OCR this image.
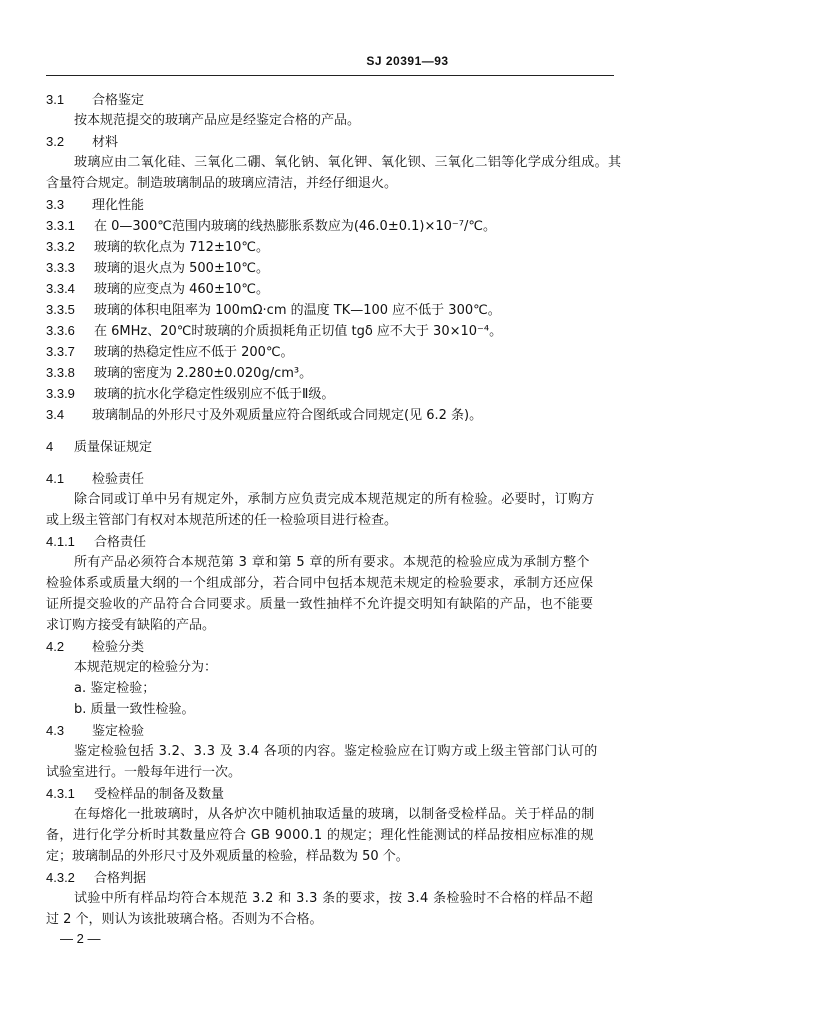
SJ 20391—93
3.1 合格鉴定
按本规范提交的玻璃产品应是经鉴定合格的产品。
3.2 材料
玻璃应由二氧化硅、三氧化二硼、氧化钠、氧化钾、氧化钡、三氧化二铝等化学成分组成。其
含量符合规定。制造玻璃制品的玻璃应清洁，并经仔细退火。
3.3 理化性能
3.3.1 在 0—300℃范围内玻璃的线热膨胀系数应为(46.0±0.1)×10⁻⁷/℃。
3.3.2 玻璃的软化点为 712±10℃。
3.3.3 玻璃的退火点为 500±10℃。
3.3.4 玻璃的应变点为 460±10℃。
3.3.5 玻璃的体积电阻率为 100mΩ·cm 的温度 TK—100 应不低于 300℃。
3.3.6 在 6MHz、20℃时玻璃的介质损耗角正切值 tgδ 应不大于 30×10⁻⁴。
3.3.7 玻璃的热稳定性应不低于 200℃。
3.3.8 玻璃的密度为 2.280±0.020g/cm³。
3.3.9 玻璃的抗水化学稳定性级别应不低于Ⅱ级。
3.4 玻璃制品的外形尺寸及外观质量应符合图纸或合同规定(见 6.2 条)。
4 质量保证规定
4.1 检验责任
除合同或订单中另有规定外，承制方应负责完成本规范规定的所有检验。必要时，订购方
或上级主管部门有权对本规范所述的任一检验项目进行检查。
4.1.1 合格责任
所有产品必须符合本规范第 3 章和第 5 章的所有要求。本规范的检验应成为承制方整个
检验体系或质量大纲的一个组成部分，若合同中包括本规范未规定的检验要求，承制方还应保
证所提交验收的产品符合合同要求。质量一致性抽样不允许提交明知有缺陷的产品，也不能要
求订购方接受有缺陷的产品。
4.2 检验分类
本规范规定的检验分为：
a. 鉴定检验；
b. 质量一致性检验。
4.3 鉴定检验
鉴定检验包括 3.2、3.3 及 3.4 各项的内容。鉴定检验应在订购方或上级主管部门认可的
试验室进行。一般每年进行一次。
4.3.1 受检样品的制备及数量
在每熔化一批玻璃时，从各炉次中随机抽取适量的玻璃，以制备受检样品。关于样品的制
备，进行化学分析时其数量应符合 GB 9000.1 的规定；理化性能测试的样品按相应标准的规
定；玻璃制品的外形尺寸及外观质量的检验，样品数为 50 个。
4.3.2 合格判据
试验中所有样品均符合本规范 3.2 和 3.3 条的要求，按 3.4 条检验时不合格的样品不超
过 2 个，则认为该批玻璃合格。否则为不合格。
— 2 —
